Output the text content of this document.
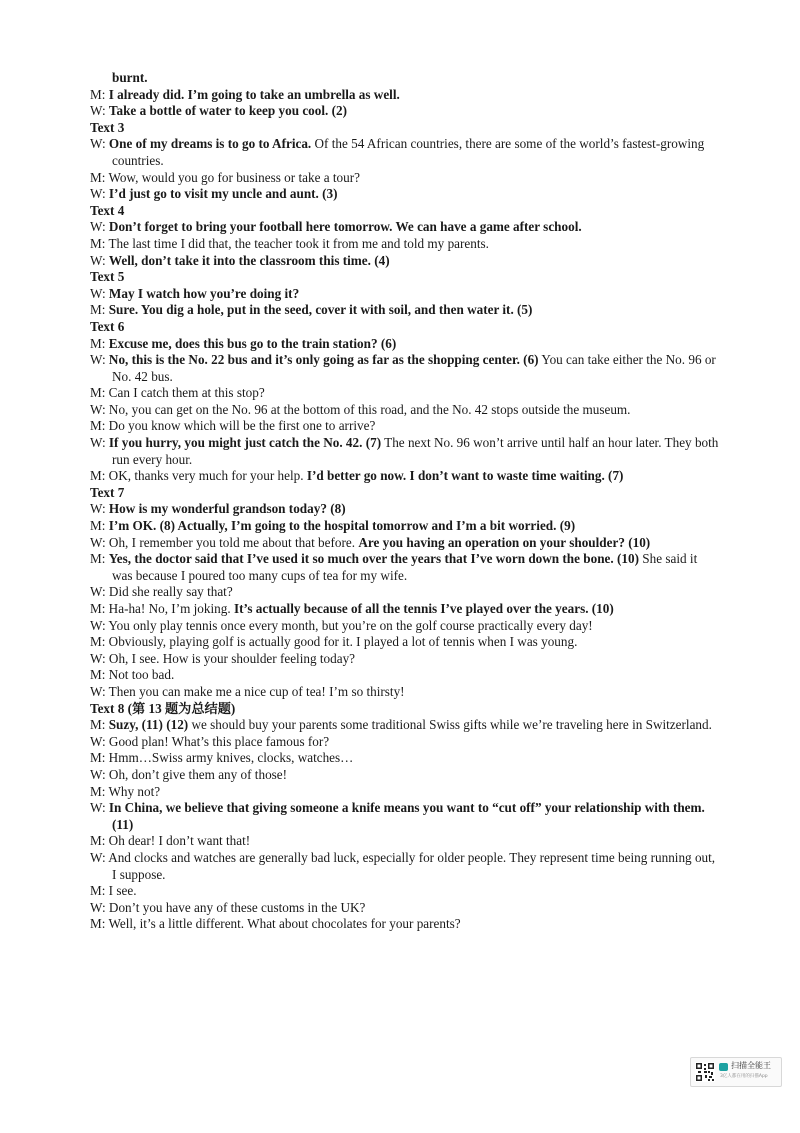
burnt.
M: I already did. I’m going to take an umbrella as well.
W: Take a bottle of water to keep you cool. (2)
Text 3
W: One of my dreams is to go to Africa. Of the 54 African countries, there are some of the world’s fastest-growing countries.
M: Wow, would you go for business or take a tour?
W: I’d just go to visit my uncle and aunt. (3)
Text 4
W: Don’t forget to bring your football here tomorrow. We can have a game after school.
M: The last time I did that, the teacher took it from me and told my parents.
W: Well, don’t take it into the classroom this time. (4)
Text 5
W: May I watch how you’re doing it?
M: Sure. You dig a hole, put in the seed, cover it with soil, and then water it. (5)
Text 6
M: Excuse me, does this bus go to the train station? (6)
W: No, this is the No. 22 bus and it’s only going as far as the shopping center. (6) You can take either the No. 96 or No. 42 bus.
M: Can I catch them at this stop?
W: No, you can get on the No. 96 at the bottom of this road, and the No. 42 stops outside the museum.
M: Do you know which will be the first one to arrive?
W: If you hurry, you might just catch the No. 42. (7) The next No. 96 won’t arrive until half an hour later. They both run every hour.
M: OK, thanks very much for your help. I’d better go now. I don’t want to waste time waiting. (7)
Text 7
W: How is my wonderful grandson today? (8)
M: I’m OK. (8) Actually, I’m going to the hospital tomorrow and I’m a bit worried. (9)
W: Oh, I remember you told me about that before. Are you having an operation on your shoulder? (10)
M: Yes, the doctor said that I’ve used it so much over the years that I’ve worn down the bone. (10) She said it was because I poured too many cups of tea for my wife.
W: Did she really say that?
M: Ha-ha! No, I’m joking. It’s actually because of all the tennis I’ve played over the years. (10)
W: You only play tennis once every month, but you’re on the golf course practically every day!
M: Obviously, playing golf is actually good for it. I played a lot of tennis when I was young.
W: Oh, I see. How is your shoulder feeling today?
M: Not too bad.
W: Then you can make me a nice cup of tea! I’m so thirsty!
Text 8 (第 13 题为总结题)
M: Suzy, (11) (12) we should buy your parents some traditional Swiss gifts while we’re traveling here in Switzerland.
W: Good plan! What’s this place famous for?
M: Hmm…Swiss army knives, clocks, watches…
W: Oh, don’t give them any of those!
M: Why not?
W: In China, we believe that giving someone a knife means you want to “cut off” your relationship with them. (11)
M: Oh dear! I don’t want that!
W: And clocks and watches are generally bad luck, especially for older people. They represent time being running out, I suppose.
M: I see.
W: Don’t you have any of these customs in the UK?
M: Well, it’s a little different. What about chocolates for your parents?
扫描全能王
3亿人都在用的扫描App
